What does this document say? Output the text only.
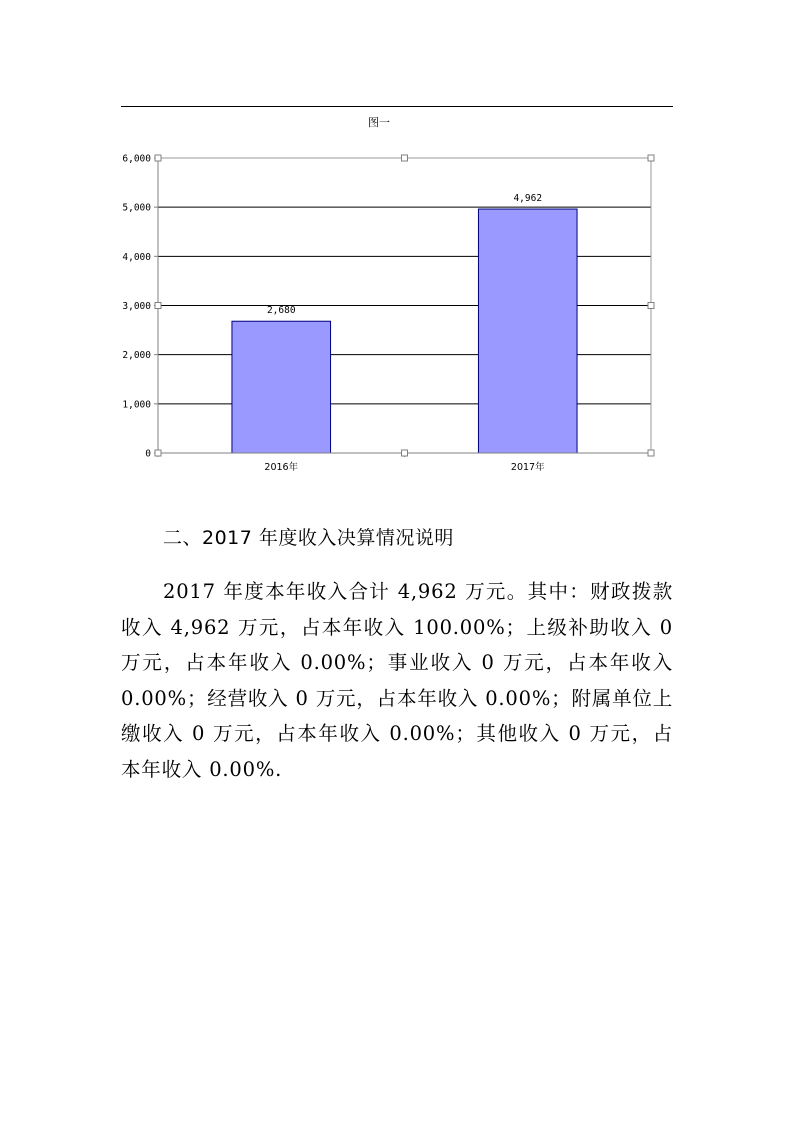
图一
0
1,000
2,000
3,000
4,000
5,000
6,000
2,680
2016年
4,962
2017年
二、2017 年度收入决算情况说明

2017 年度本年收入合计 4,962 万元。其中：财政拨款收入 4,962 万元，占本年收入 100.00%；上级补助收入 0 万元，占本年收入 0.00%；事业收入 0 万元，占本年收入 0.00%；经营收入 0 万元，占本年收入 0.00%；附属单位上缴收入 0 万元，占本年收入 0.00%；其他收入 0 万元，占本年收入 0.00%.
